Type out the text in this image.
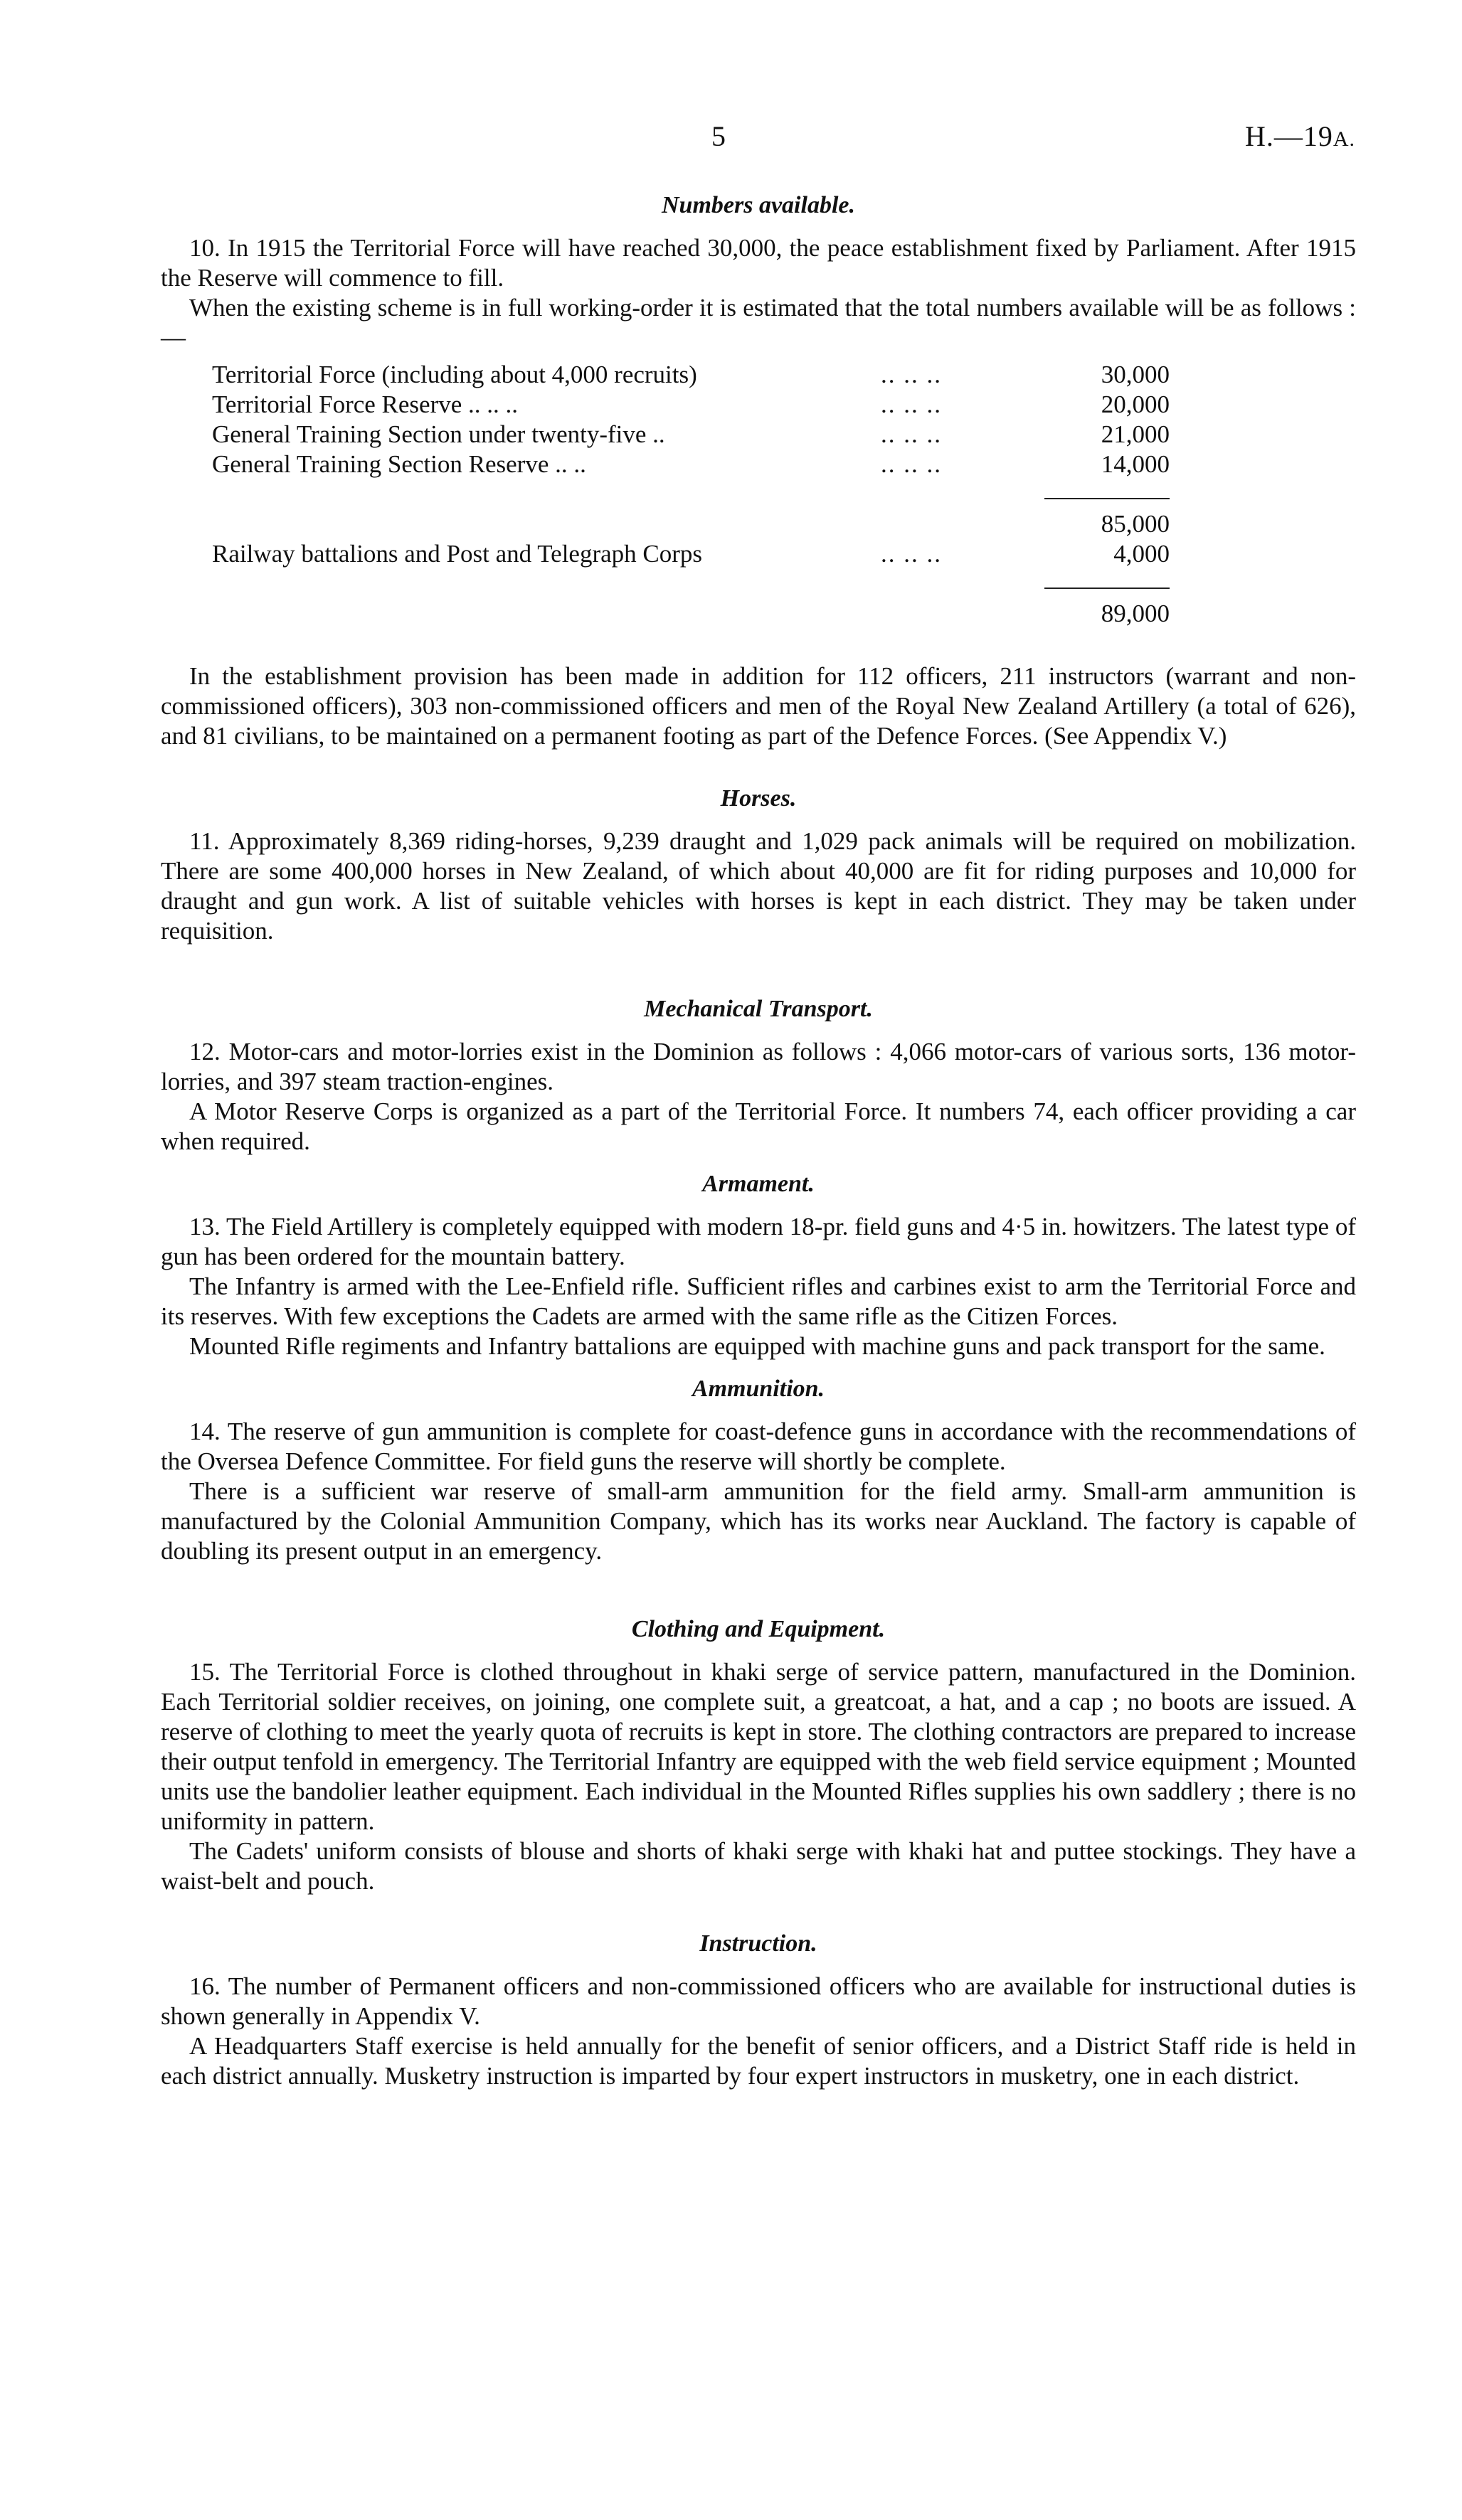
5	H.—19A.
Numbers available.

10. In 1915 the Territorial Force will have reached 30,000, the peace establishment fixed by Parliament. After 1915 the Reserve will commence to fill.

When the existing scheme is in full working-order it is estimated that the total numbers available will be as follows :—

Territorial Force (including about 4,000 recruits)	.. .. ..	30,000
Territorial Force Reserve .. .. ..	.. .. ..	20,000
General Training Section under twenty-five ..	.. .. ..	21,000
General Training Section Reserve .. ..	.. .. ..	14,000

		85,000
Railway battalions and Post and Telegraph Corps	.. .. ..	4,000

		89,000

In the establishment provision has been made in addition for 112 officers, 211 instructors (warrant and non-commissioned officers), 303 non-commissioned officers and men of the Royal New Zealand Artillery (a total of 626), and 81 civilians, to be maintained on a permanent footing as part of the Defence Forces. (See Appendix V.)

Horses.

11. Approximately 8,369 riding-horses, 9,239 draught and 1,029 pack animals will be required on mobilization. There are some 400,000 horses in New Zealand, of which about 40,000 are fit for riding purposes and 10,000 for draught and gun work. A list of suitable vehicles with horses is kept in each district. They may be taken under requisition.

Mechanical Transport.

12. Motor-cars and motor-lorries exist in the Dominion as follows : 4,066 motor-cars of various sorts, 136 motor-lorries, and 397 steam traction-engines.

A Motor Reserve Corps is organized as a part of the Territorial Force. It numbers 74, each officer providing a car when required.

Armament.

13. The Field Artillery is completely equipped with modern 18-pr. field guns and 4·5 in. howitzers. The latest type of gun has been ordered for the mountain battery.

The Infantry is armed with the Lee-Enfield rifle. Sufficient rifles and carbines exist to arm the Territorial Force and its reserves. With few exceptions the Cadets are armed with the same rifle as the Citizen Forces.

Mounted Rifle regiments and Infantry battalions are equipped with machine guns and pack transport for the same.

Ammunition.

14. The reserve of gun ammunition is complete for coast-defence guns in accordance with the recommendations of the Oversea Defence Committee. For field guns the reserve will shortly be complete.

There is a sufficient war reserve of small-arm ammunition for the field army. Small-arm ammunition is manufactured by the Colonial Ammunition Company, which has its works near Auckland. The factory is capable of doubling its present output in an emergency.

Clothing and Equipment.

15. The Territorial Force is clothed throughout in khaki serge of service pattern, manufactured in the Dominion. Each Territorial soldier receives, on joining, one complete suit, a greatcoat, a hat, and a cap ; no boots are issued. A reserve of clothing to meet the yearly quota of recruits is kept in store. The clothing contractors are prepared to increase their output tenfold in emergency. The Territorial Infantry are equipped with the web field service equipment ; Mounted units use the bandolier leather equipment. Each individual in the Mounted Rifles supplies his own saddlery ; there is no uniformity in pattern.

The Cadets' uniform consists of blouse and shorts of khaki serge with khaki hat and puttee stockings. They have a waist-belt and pouch.

Instruction.

16. The number of Permanent officers and non-commissioned officers who are available for instructional duties is shown generally in Appendix V.

A Headquarters Staff exercise is held annually for the benefit of senior officers, and a District Staff ride is held in each district annually. Musketry instruction is imparted by four expert instructors in musketry, one in each district.
